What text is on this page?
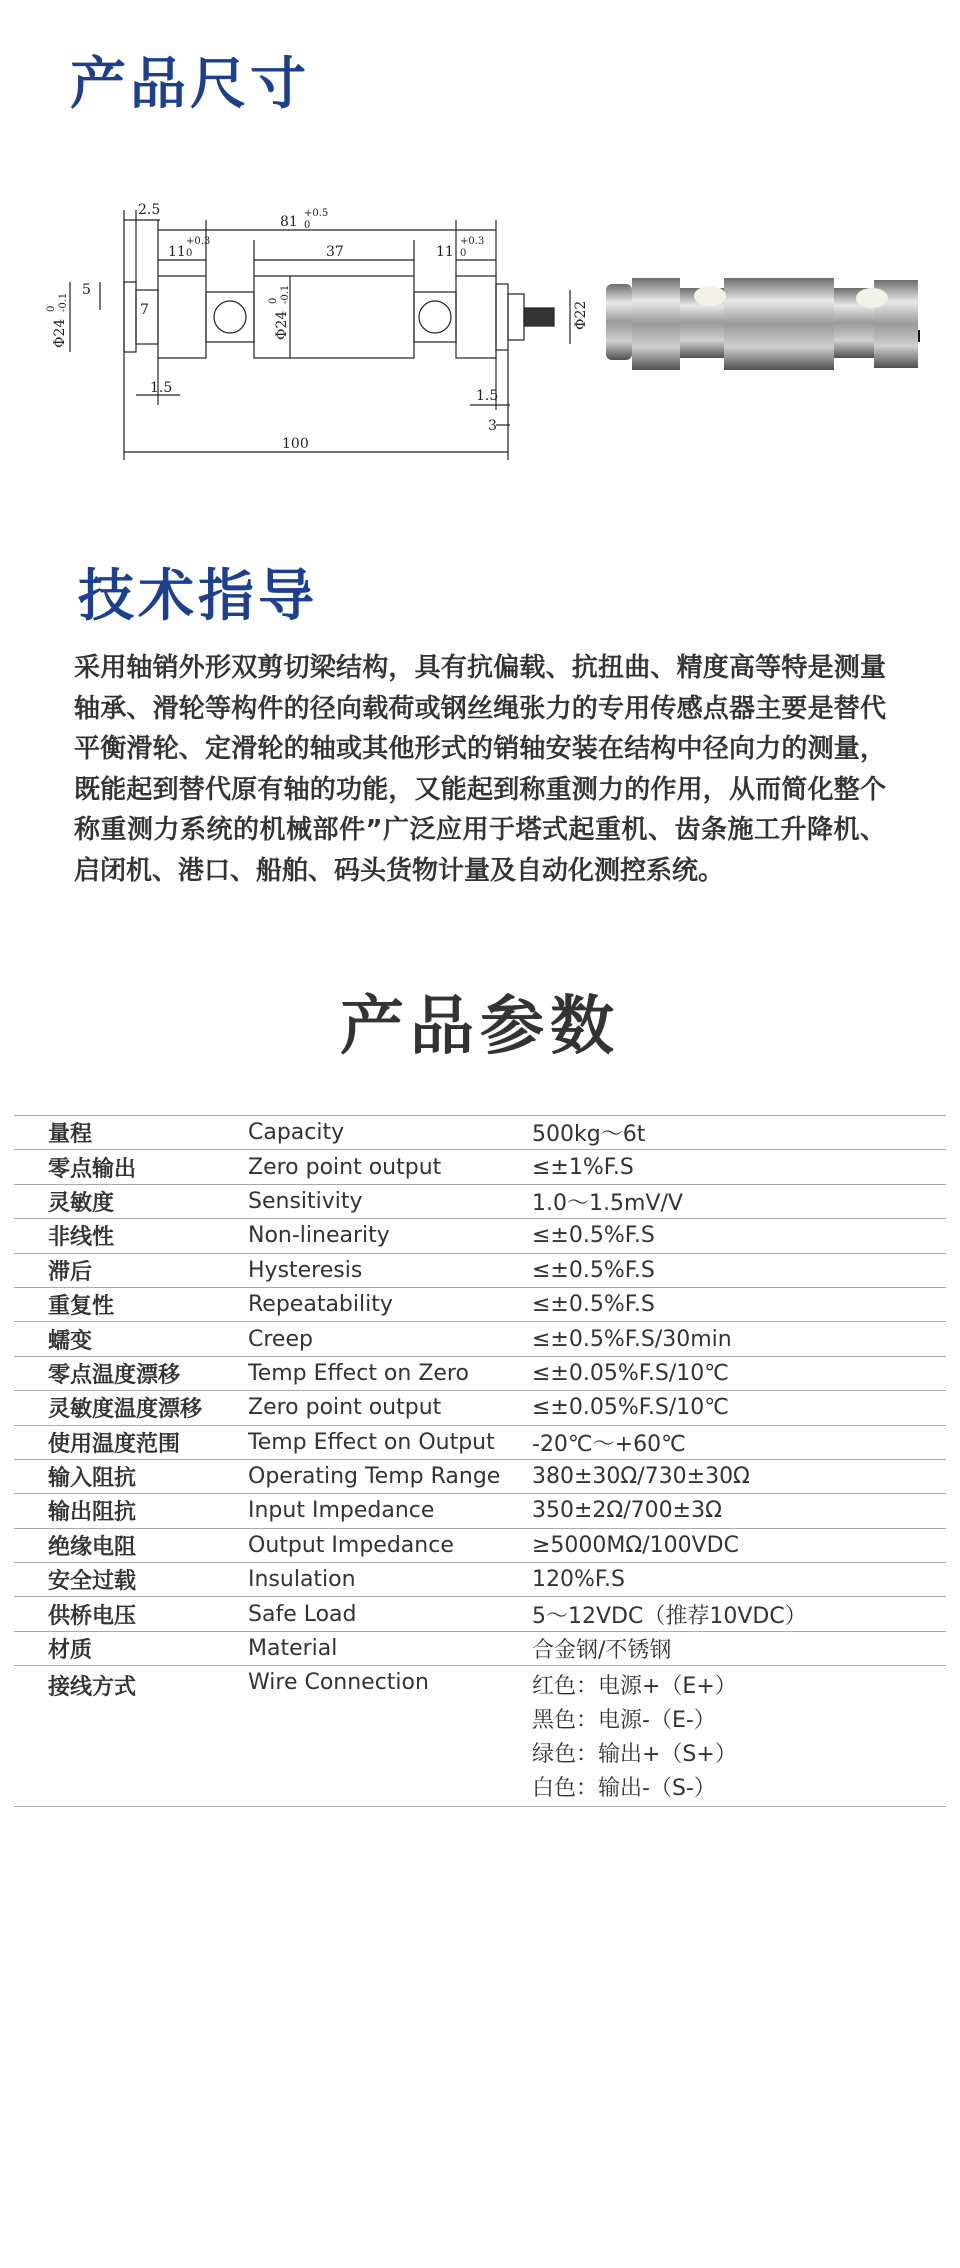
产品尺寸
2.5
81
+0.5
0
11
+0.3
0	37	11
+0.3
0
5
7
Φ24
0 -0.1
Φ24
0 -0.1
Φ22
1.5	1.5
3
100
技术指导

采用轴销外形双剪切梁结构，具有抗偏载、抗扭曲、精度高等特是测量轴承、滑轮等构件的径向载荷或钢丝绳张力的专用传感点器主要是替代平衡滑轮、定滑轮的轴或其他形式的销轴安装在结构中径向力的测量，既能起到替代原有轴的功能，又能起到称重测力的作用，从而简化整个称重测力系统的机械部件”广泛应用于塔式起重机、齿条施工升降机、启闭机、港口、船舶、码头货物计量及自动化测控系统。

产品参数
量程	Capacity	500kg～6t
零点输出	Zero point output	≤±1%F.S
灵敏度	Sensitivity	1.0～1.5mV/V
非线性	Non-linearity	≤±0.5%F.S
滞后	Hysteresis	≤±0.5%F.S
重复性	Repeatability	≤±0.5%F.S
蠕变	Creep	≤±0.5%F.S/30min
零点温度漂移	Temp Effect on Zero	≤±0.05%F.S/10℃
灵敏度温度漂移	Zero point output	≤±0.05%F.S/10℃
使用温度范围	Temp Effect on Output	-20℃～+60℃
输入阻抗	Operating Temp Range	380±30Ω/730±30Ω
输出阻抗	Input Impedance	350±2Ω/700±3Ω
绝缘电阻	Output Impedance	≥5000MΩ/100VDC
安全过载	Insulation	120%F.S
供桥电压	Safe Load	5～12VDC（推荐10VDC）
材质	Material	合金钢/不锈钢
接线方式	Wire Connection	红色：电源+（E+）黑色：电源-（E-）
绿色：输出+（S+）白色：输出-（S-）
